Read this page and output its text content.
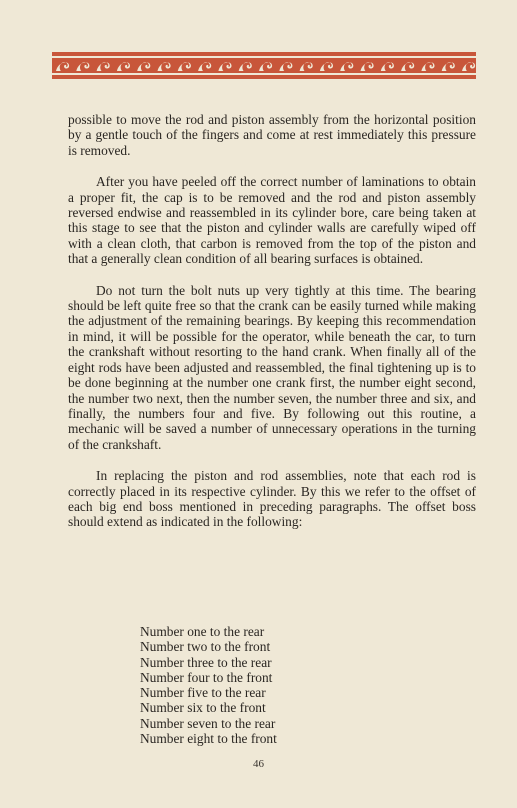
possible to move the rod and piston assembly from the horizontal position by a gentle touch of the fingers and come at rest immediately this pressure is removed.

After you have peeled off the correct number of laminations to obtain a proper fit, the cap is to be removed and the rod and piston assembly reversed endwise and reassembled in its cylinder bore, care being taken at this stage to see that the piston and cylinder walls are carefully wiped off with a clean cloth, that carbon is removed from the top of the piston and that a generally clean condition of all bearing surfaces is obtained.

Do not turn the bolt nuts up very tightly at this time. The bearing should be left quite free so that the crank can be easily turned while making the adjustment of the remaining bearings. By keeping this recommendation in mind, it will be possible for the operator, while beneath the car, to turn the crankshaft without resorting to the hand crank. When finally all of the eight rods have been adjusted and reassembled, the final tightening up is to be done beginning at the number one crank first, the number eight second, the number two next, then the number seven, the number three and six, and finally, the numbers four and five. By following out this routine, a mechanic will be saved a number of unnecessary operations in the turning of the crankshaft.

In replacing the piston and rod assemblies, note that each rod is correctly placed in its respective cylinder. By this we refer to the offset of each big end boss mentioned in preceding paragraphs. The offset boss should extend as indicated in the following:

Number one to the rear
Number two to the front
Number three to the rear
Number four to the front
Number five to the rear
Number six to the front
Number seven to the rear
Number eight to the front
46
